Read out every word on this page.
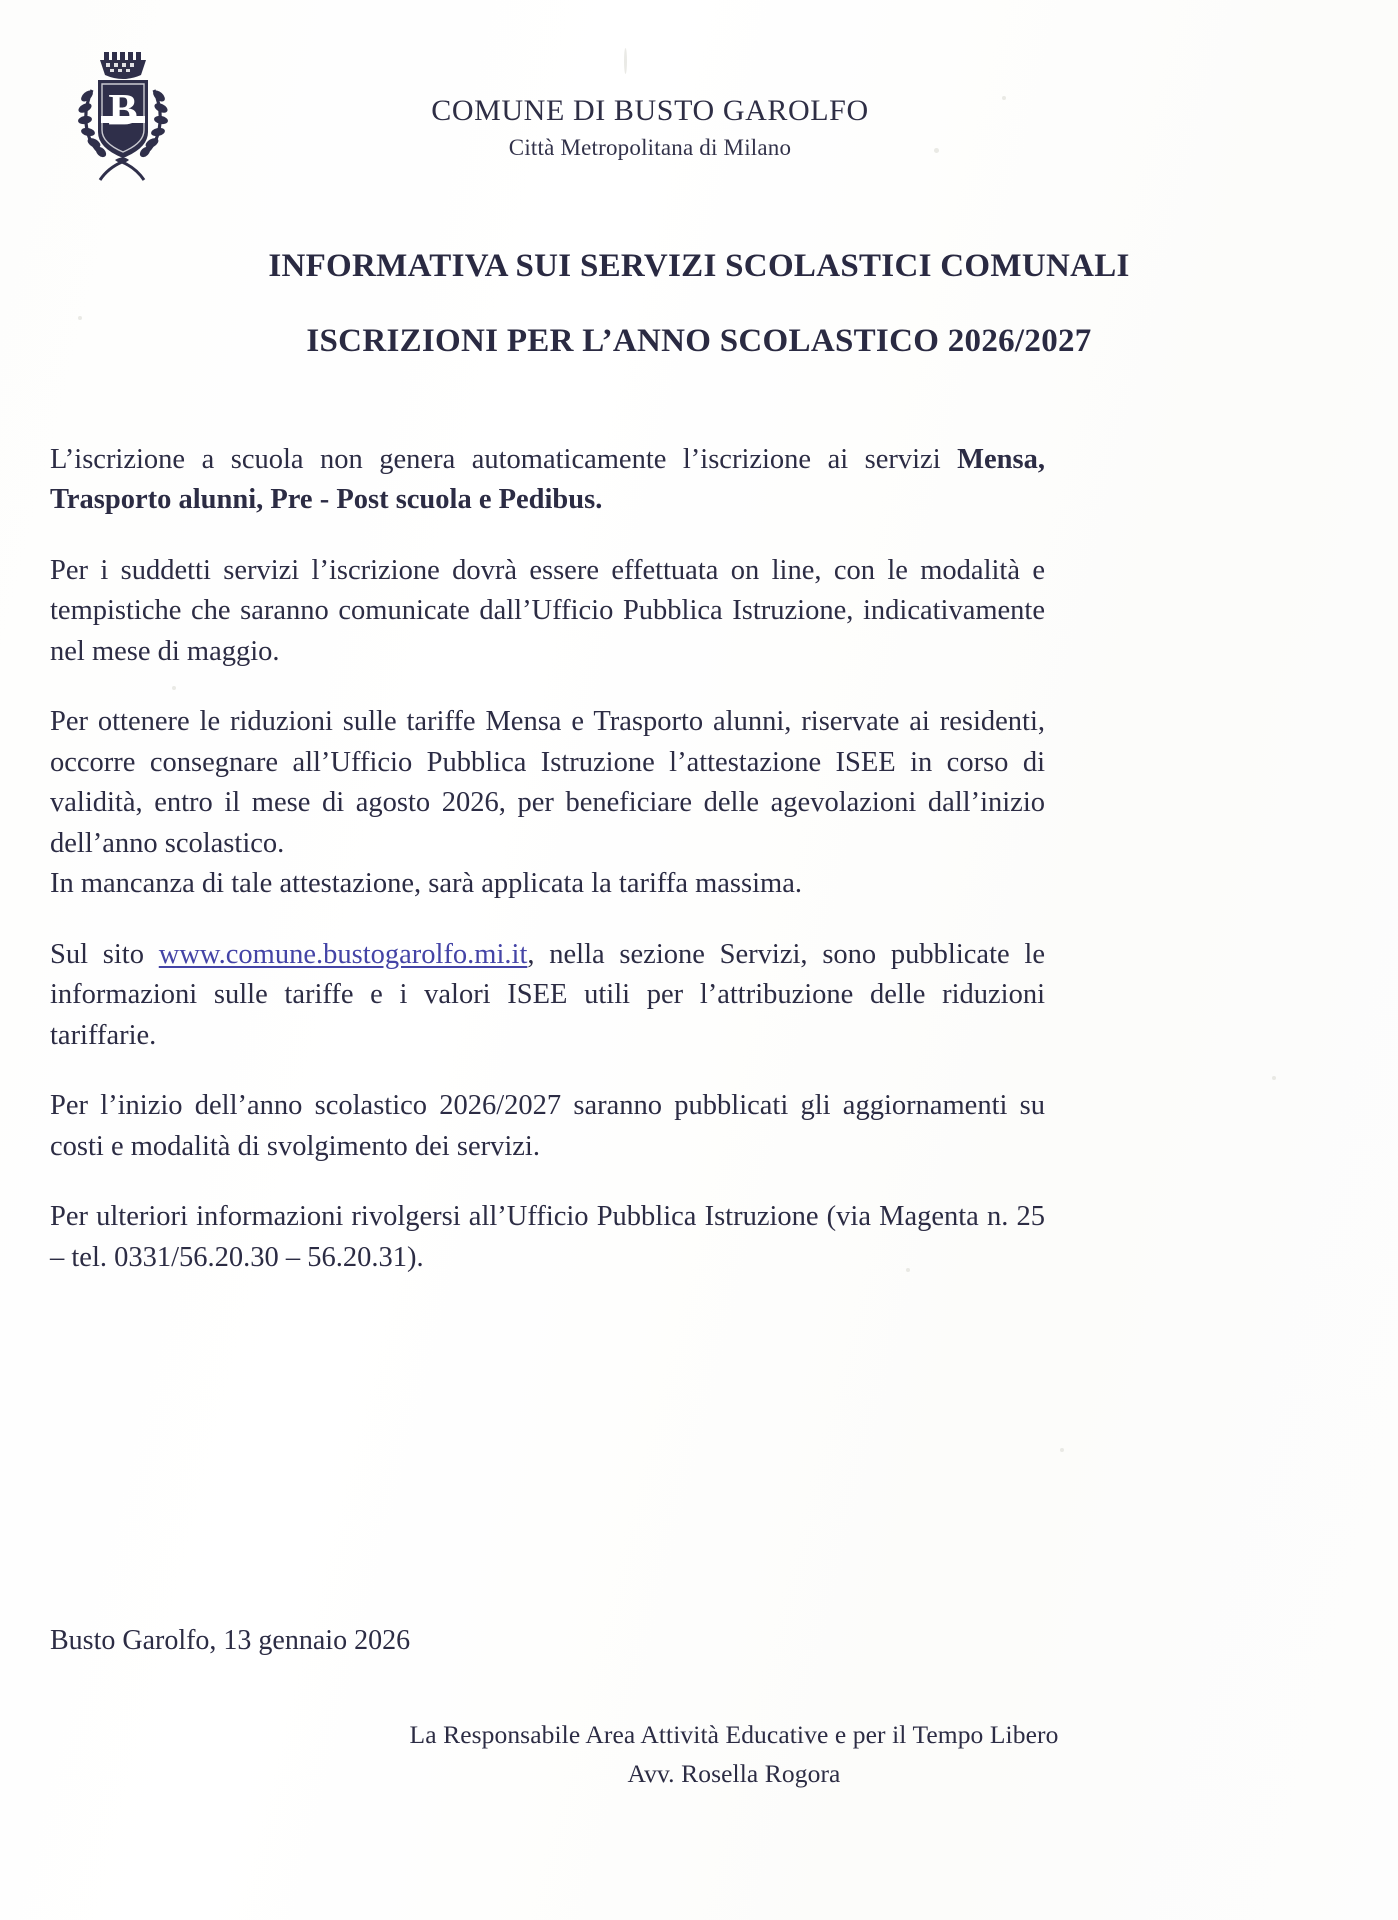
B	COMUNE DI BUSTO GAROLFO
Città Metropolitana di Milano
INFORMATIVA SUI SERVIZI SCOLASTICI COMUNALI
ISCRIZIONI PER L’ANNO SCOLASTICO 2026/2027

L’iscrizione a scuola non genera automaticamente l’iscrizione ai servizi Mensa, Trasporto alunni, Pre - Post scuola e Pedibus.

Per i suddetti servizi l’iscrizione dovrà essere effettuata on line, con le modalità e tempistiche che saranno comunicate dall’Ufficio Pubblica Istruzione, indicativamente nel mese di maggio.

Per ottenere le riduzioni sulle tariffe Mensa e Trasporto alunni, riservate ai residenti, occorre consegnare all’Ufficio Pubblica Istruzione l’attestazione ISEE in corso di validità, entro il mese di agosto 2026, per beneficiare delle agevolazioni dall’inizio dell’anno scolastico.

In mancanza di tale attestazione, sarà applicata la tariffa massima.

Sul sito www.comune.bustogarolfo.mi.it, nella sezione Servizi, sono pubblicate le informazioni sulle tariffe e i valori ISEE utili per l’attribuzione delle riduzioni tariffarie.

Per l’inizio dell’anno scolastico 2026/2027 saranno pubblicati gli aggiornamenti su costi e modalità di svolgimento dei servizi.

Per ulteriori informazioni rivolgersi all’Ufficio Pubblica Istruzione (via Magenta n. 25 – tel. 0331/56.20.30 – 56.20.31).

Busto Garolfo, 13 gennaio 2026
La Responsabile Area Attività Educative e per il Tempo Libero
Avv. Rosella Rogora
